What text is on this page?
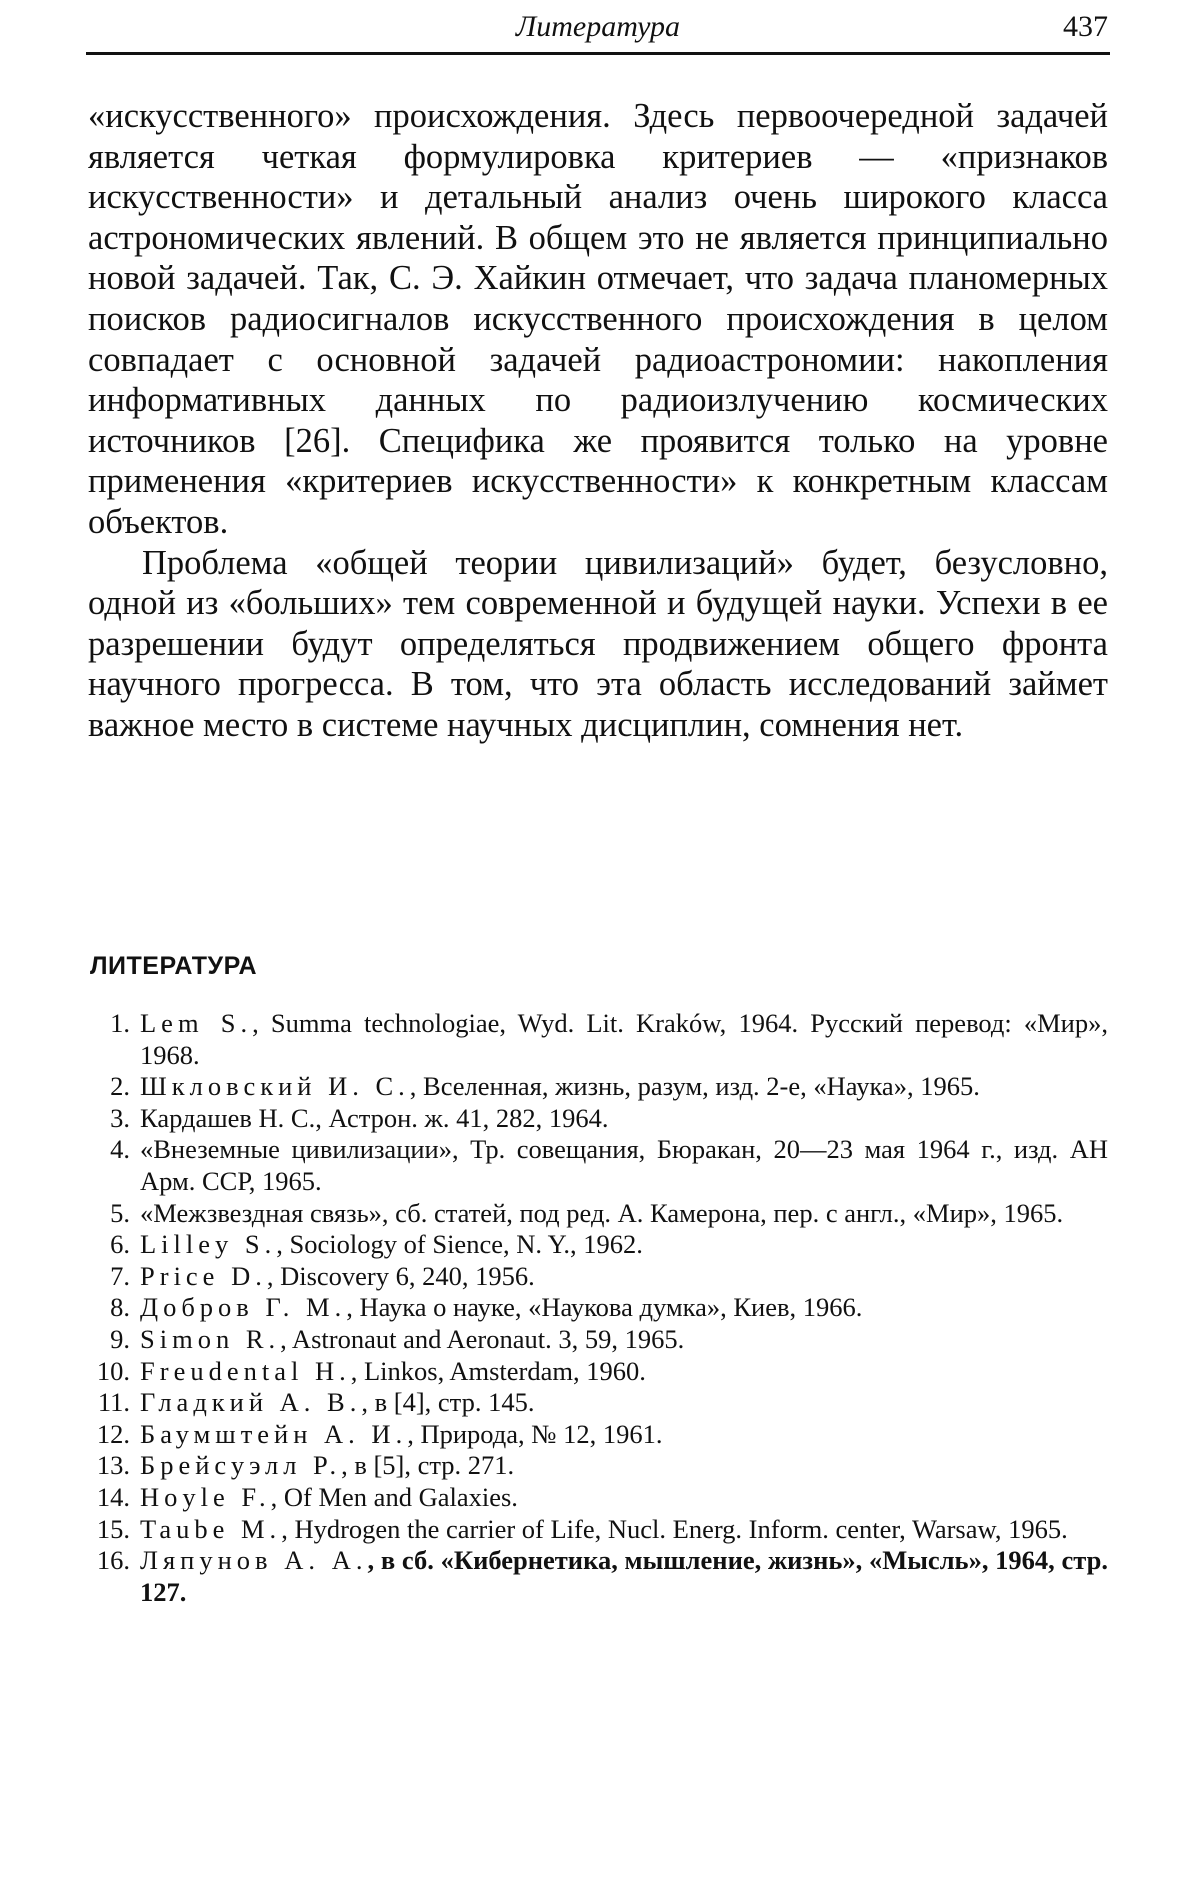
Литература	437

«искусственного» происхождения. Здесь первоочередной задачей является четкая формулировка критериев — «признаков искусственности» и детальный анализ очень широкого класса астрономических явлений. В общем это не является принципиально новой задачей. Так, С. Э. Хайкин отмечает, что задача планомерных поисков радиосигналов искусственного происхождения в целом совпадает с основной задачей радиоастрономии: накопления информативных данных по радиоизлучению космических источников [26]. Специфика же проявится только на уровне применения «критериев искусственности» к конкретным классам объектов.

Проблема «общей теории цивилизаций» будет, безусловно, одной из «больших» тем современной и будущей науки. Успехи в ее разрешении будут определяться продвижением общего фронта научного прогресса. В том, что эта область исследований займет важное место в системе научных дисциплин, сомнения нет.

ЛИТЕРАТУРА
1. Lem S., Summa technologiae, Wyd. Lit. Kraków, 1964. Русский перевод: «Мир», 1968.
2. Шкловский И. С., Вселенная, жизнь, разум, изд. 2-е, «Наука», 1965.
3. Кардашев Н. С., Астрон. ж. 41, 282, 1964.
4. «Внеземные цивилизации», Тр. совещания, Бюракан, 20—23 мая 1964 г., изд. АН Арм. ССР, 1965.
5. «Межзвездная связь», сб. статей, под ред. А. Камерона, пер. с англ., «Мир», 1965.
6. Lilley S., Sociology of Sience, N. Y., 1962.
7. Price D., Discovery 6, 240, 1956.
8. Добров Г. М., Наука о науке, «Наукова думка», Киев, 1966.
9. Simon R., Astronaut and Aeronaut. 3, 59, 1965.
10. Freudental H., Linkos, Amsterdam, 1960.
11. Гладкий А. В., в [4], стр. 145.
12. Баумштейн А. И., Природа, № 12, 1961.
13. Брейсуэлл Р., в [5], стр. 271.
14. Hoyle F., Of Men and Galaxies.
15. Taube M., Hydrogen the carrier of Life, Nucl. Energ. Inform. center, Warsaw, 1965.
16. Ляпунов А. А., в сб. «Кибернетика, мышление, жизнь», «Мысль», 1964, стр. 127.
